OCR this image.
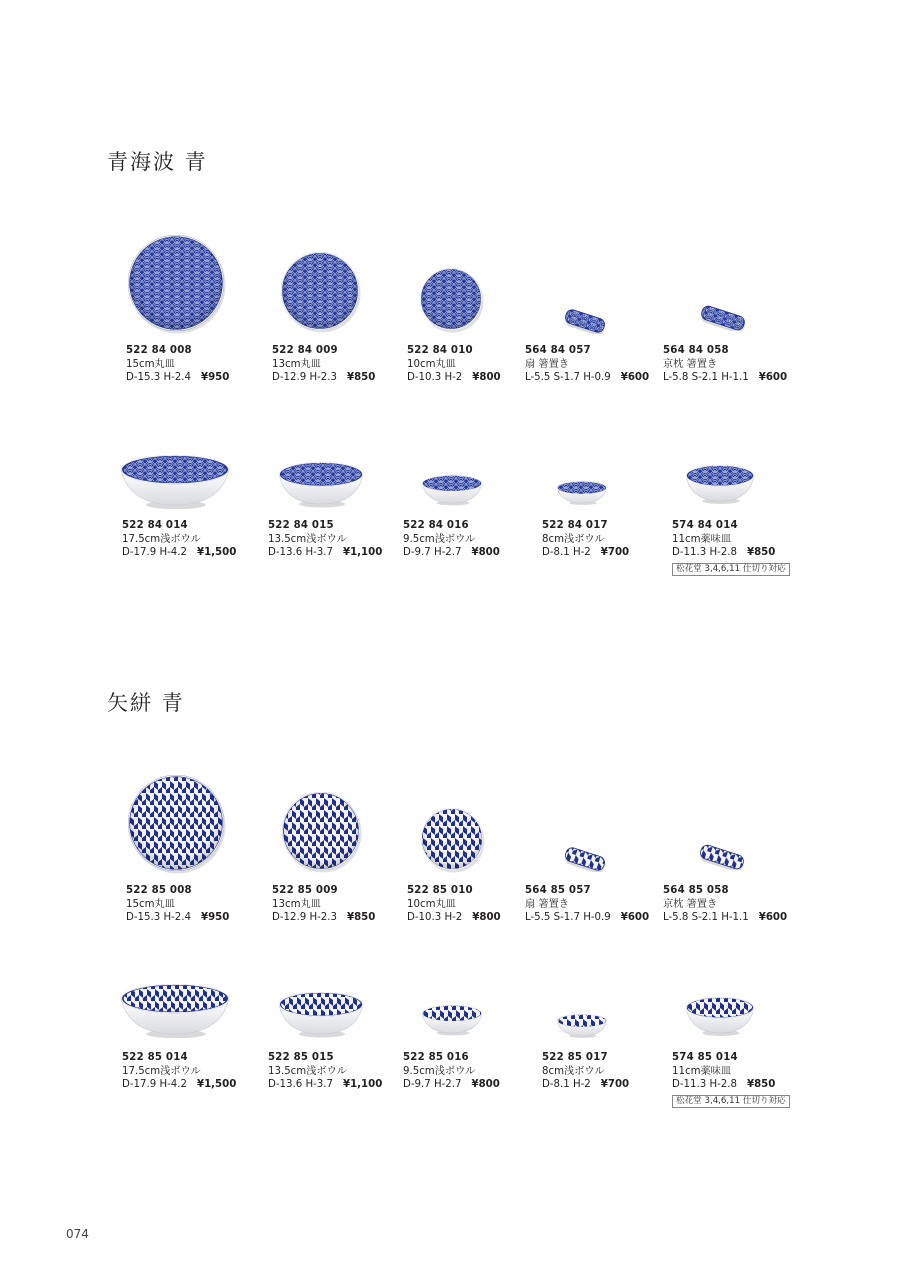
青海波 青
522 84 008
15cm丸皿
D-15.3 H-2.4 ¥950
522 84 009
13cm丸皿
D-12.9 H-2.3 ¥850
522 84 010
10cm丸皿
D-10.3 H-2 ¥800
564 84 057
扇 箸置き
L-5.5 S-1.7 H-0.9 ¥600
564 84 058
京枕 箸置き
L-5.8 S-2.1 H-1.1 ¥600
522 84 014
17.5cm浅ボウル
D-17.9 H-4.2 ¥1,500
522 84 015
13.5cm浅ボウル
D-13.6 H-3.7 ¥1,100
522 84 016
9.5cm浅ボウル
D-9.7 H-2.7 ¥800
522 84 017
8cm浅ボウル
D-8.1 H-2 ¥700
574 84 014
11cm薬味皿
D-11.3 H-2.8 ¥850
松花堂 3,4,6,11 仕切り対応
矢絣 青
522 85 008
15cm丸皿
D-15.3 H-2.4 ¥950
522 85 009
13cm丸皿
D-12.9 H-2.3 ¥850
522 85 010
10cm丸皿
D-10.3 H-2 ¥800
564 85 057
扇 箸置き
L-5.5 S-1.7 H-0.9 ¥600
564 85 058
京枕 箸置き
L-5.8 S-2.1 H-1.1 ¥600
522 85 014
17.5cm浅ボウル
D-17.9 H-4.2 ¥1,500
522 85 015
13.5cm浅ボウル
D-13.6 H-3.7 ¥1,100
522 85 016
9.5cm浅ボウル
D-9.7 H-2.7 ¥800
522 85 017
8cm浅ボウル
D-8.1 H-2 ¥700
574 85 014
11cm薬味皿
D-11.3 H-2.8 ¥850
松花堂 3,4,6,11 仕切り対応
074
